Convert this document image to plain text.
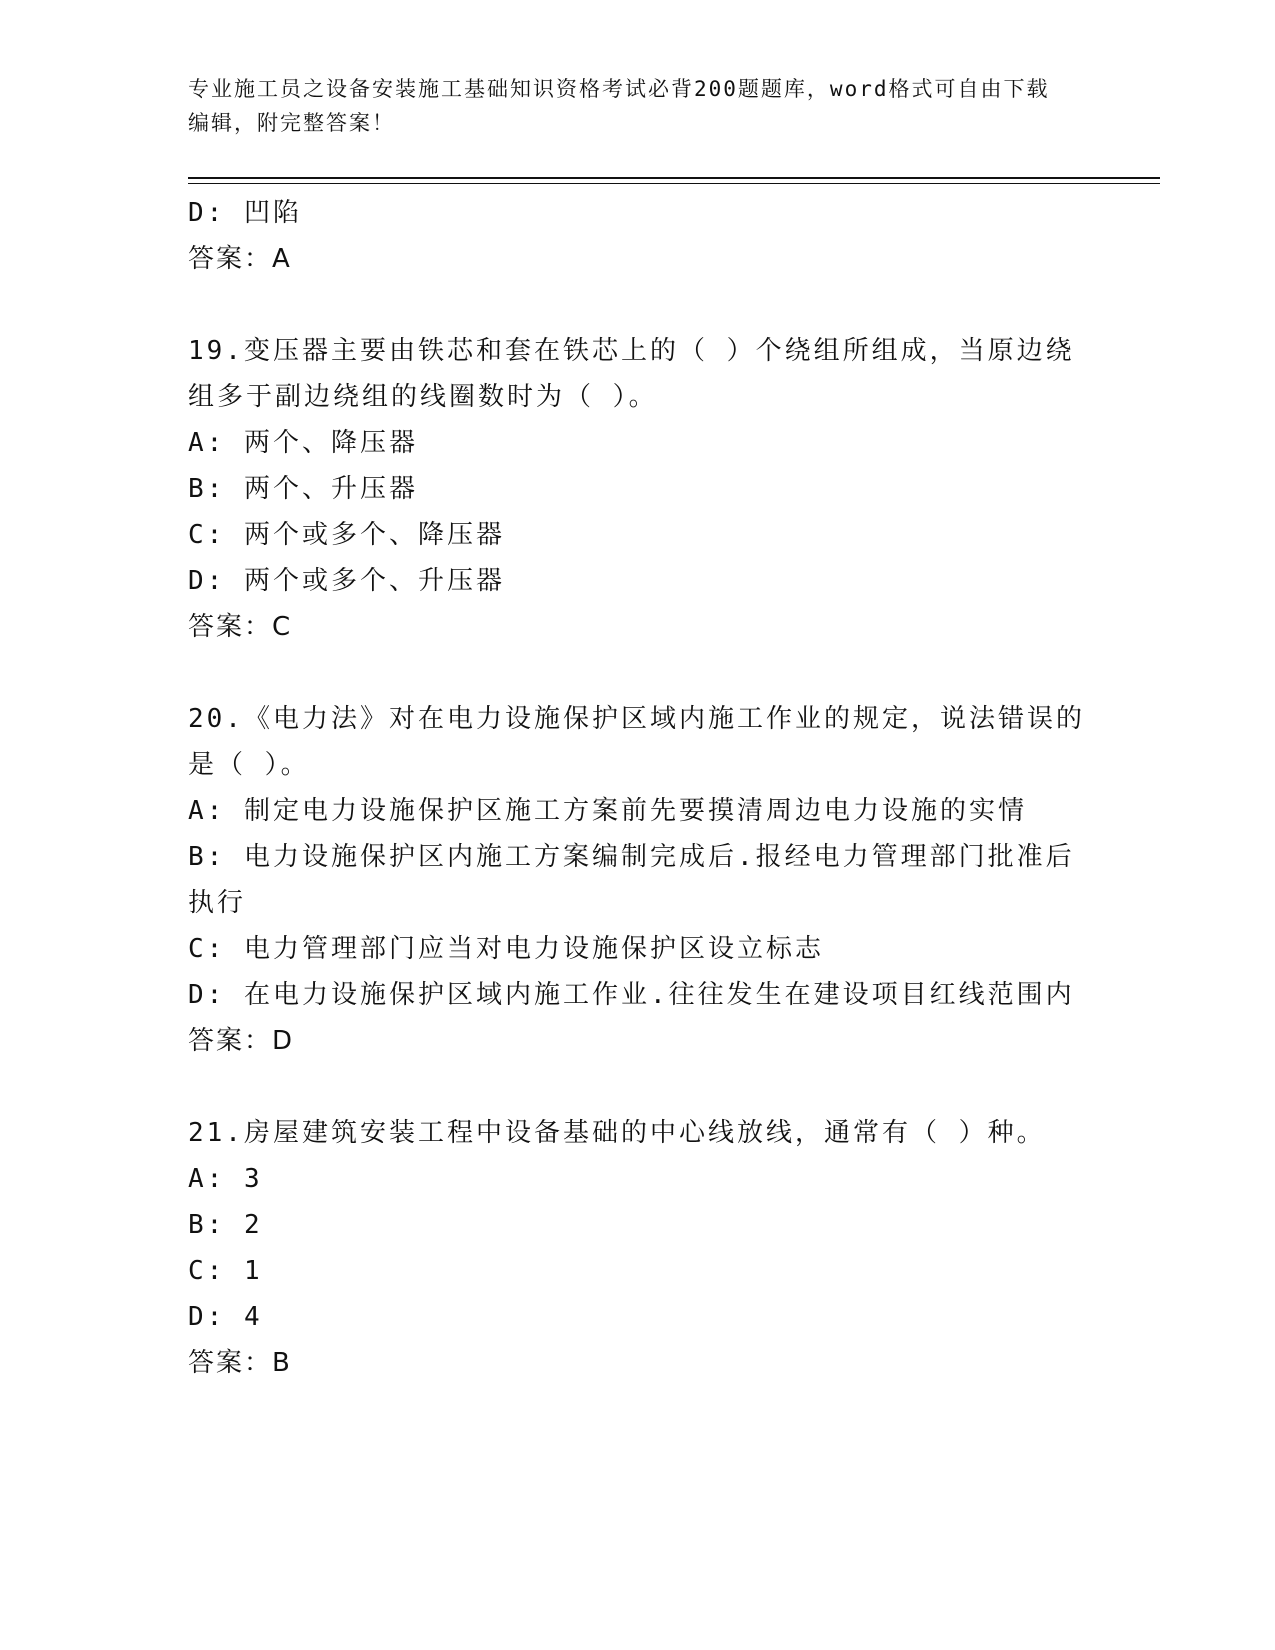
专业施工员之设备安装施工基础知识资格考试必背200题题库，word格式可自由下载编辑，附完整答案！
D: 凹陷
答案：A
19.变压器主要由铁芯和套在铁芯上的（ ）个绕组所组成，当原边绕组多于副边绕组的线圈数时为（ ）。
A: 两个、降压器
B: 两个、升压器
C: 两个或多个、降压器
D: 两个或多个、升压器
答案：C
20.《电力法》对在电力设施保护区域内施工作业的规定，说法错误的是（ ）。
A: 制定电力设施保护区施工方案前先要摸清周边电力设施的实情
B: 电力设施保护区内施工方案编制完成后.报经电力管理部门批准后执行
C: 电力管理部门应当对电力设施保护区设立标志
D: 在电力设施保护区域内施工作业.往往发生在建设项目红线范围内
答案：D
21.房屋建筑安装工程中设备基础的中心线放线，通常有（ ）种。
A: 3
B: 2
C: 1
D: 4
答案：B
